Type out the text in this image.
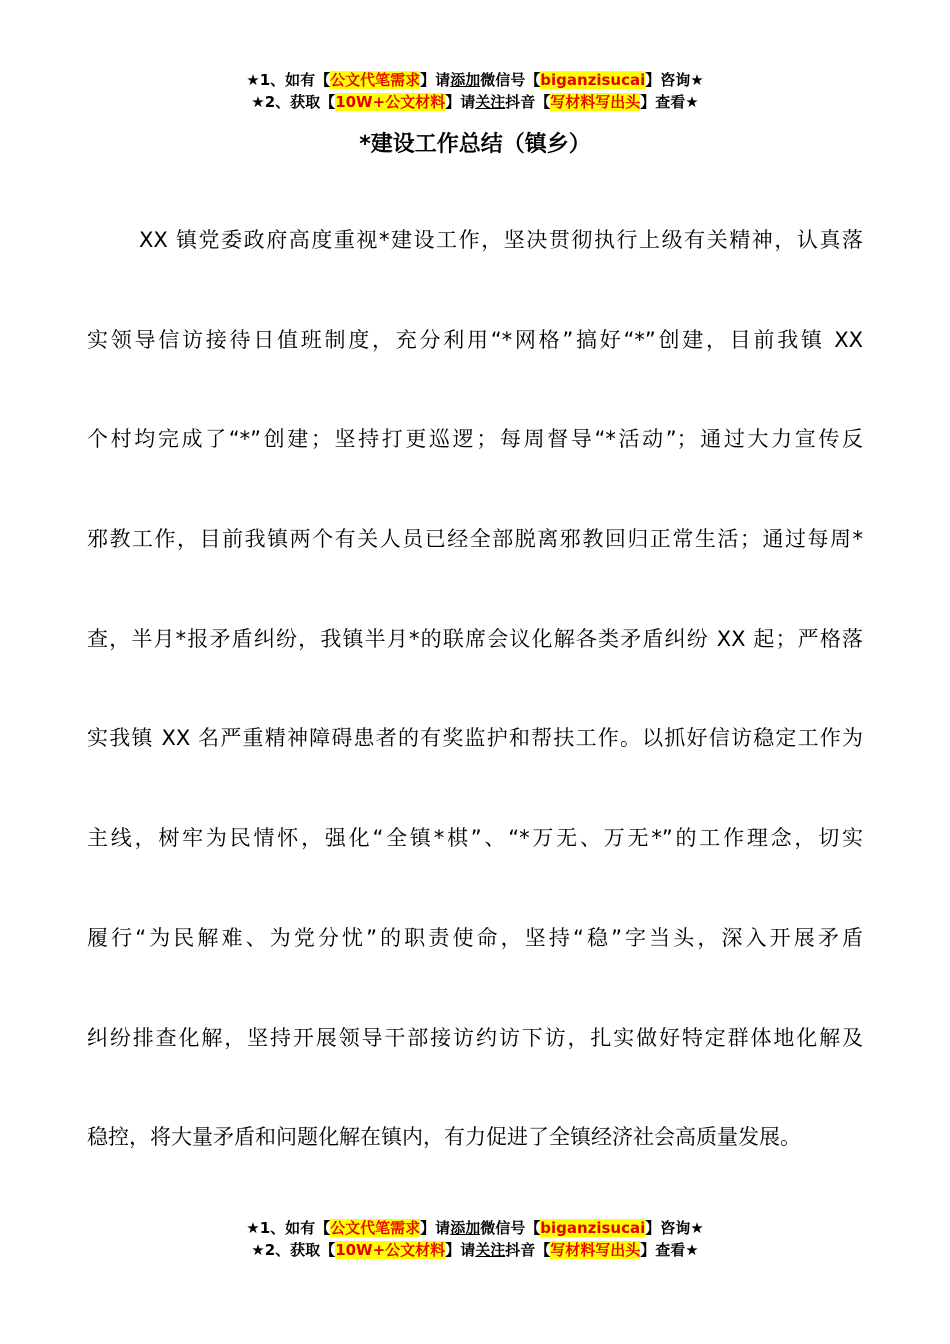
★1、如有【公文代笔需求】请添加微信号【biganzisucai】咨询★
★2、获取【10W+公文材料】请关注抖音【写材料写出头】查看★
*建设工作总结（镇乡）
XX 镇党委政府高度重视*建设工作，坚决贯彻执行上级有关精神，认真落
实领导信访接待日值班制度，充分利用“*网格”搞好“*”创建，目前我镇 XX
个村均完成了“*”创建；坚持打更巡逻；每周督导“*活动”；通过大力宣传反
邪教工作，目前我镇两个有关人员已经全部脱离邪教回归正常生活；通过每周*
查，半月*报矛盾纠纷，我镇半月*的联席会议化解各类矛盾纠纷 XX 起；严格落
实我镇 XX 名严重精神障碍患者的有奖监护和帮扶工作。以抓好信访稳定工作为
主线，树牢为民情怀，强化“全镇*棋”、“*万无、万无*”的工作理念，切实
履行“为民解难、为党分忧”的职责使命，坚持“稳”字当头，深入开展矛盾
纠纷排查化解，坚持开展领导干部接访约访下访，扎实做好特定群体地化解及
稳控，将大量矛盾和问题化解在镇内，有力促进了全镇经济社会高质量发展。
★1、如有【公文代笔需求】请添加微信号【biganzisucai】咨询★
★2、获取【10W+公文材料】请关注抖音【写材料写出头】查看★
